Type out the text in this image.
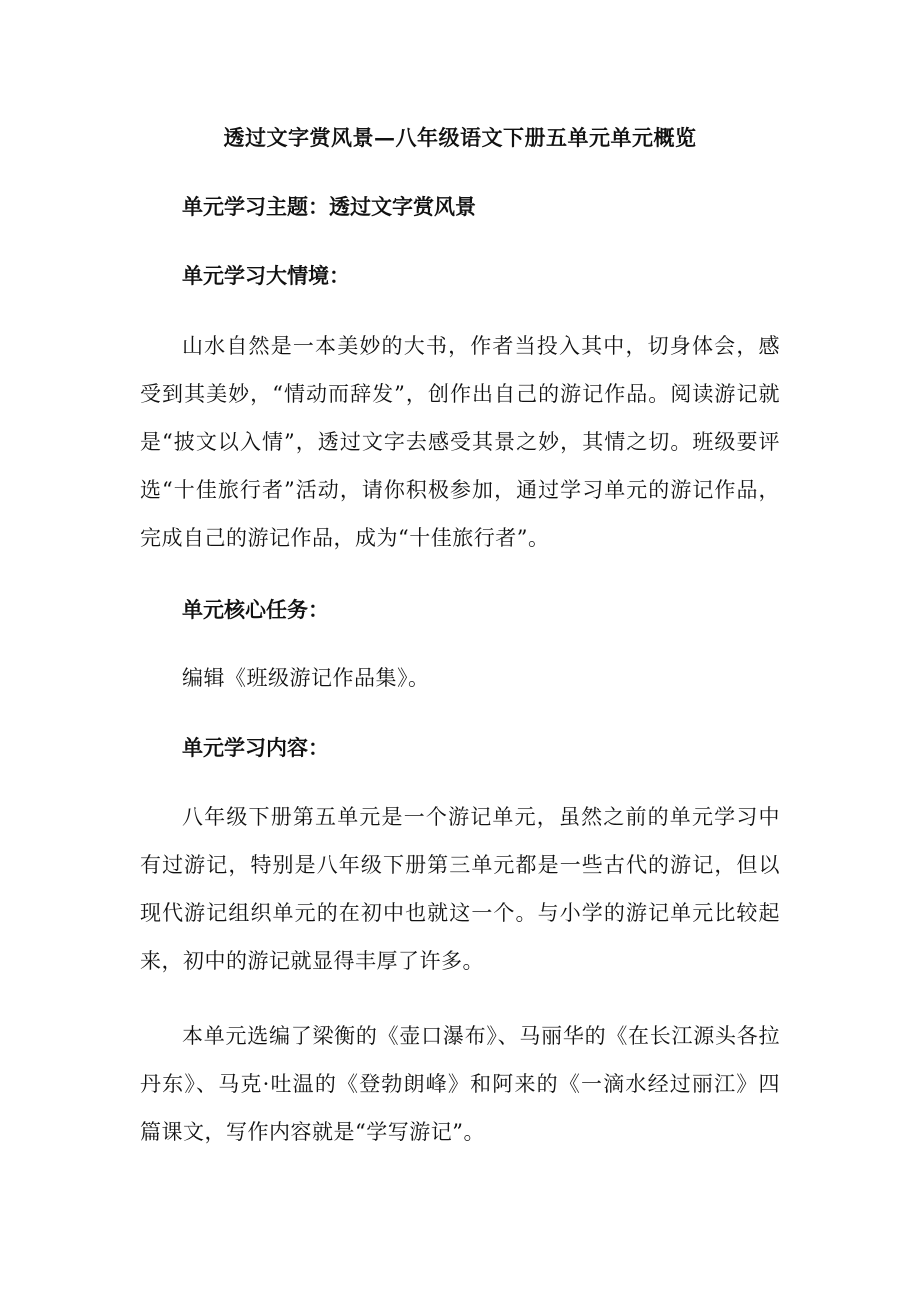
透过文字赏风景—八年级语文下册五单元单元概览
单元学习主题：透过文字赏风景
单元学习大情境：
山水自然是一本美妙的大书，作者当投入其中，切身体会，感受到其美妙，“情动而辞发”，创作出自己的游记作品。阅读游记就是“披文以入情”，透过文字去感受其景之妙，其情之切。班级要评选“十佳旅行者”活动，请你积极参加，通过学习单元的游记作品，完成自己的游记作品，成为“十佳旅行者”。
单元核心任务：
编辑《班级游记作品集》。
单元学习内容：
八年级下册第五单元是一个游记单元，虽然之前的单元学习中有过游记，特别是八年级下册第三单元都是一些古代的游记，但以现代游记组织单元的在初中也就这一个。与小学的游记单元比较起来，初中的游记就显得丰厚了许多。
本单元选编了梁衡的《壶口瀑布》、马丽华的《在长江源头各拉丹东》、马克·吐温的《登勃朗峰》和阿来的《一滴水经过丽江》四篇课文，写作内容就是“学写游记”。
